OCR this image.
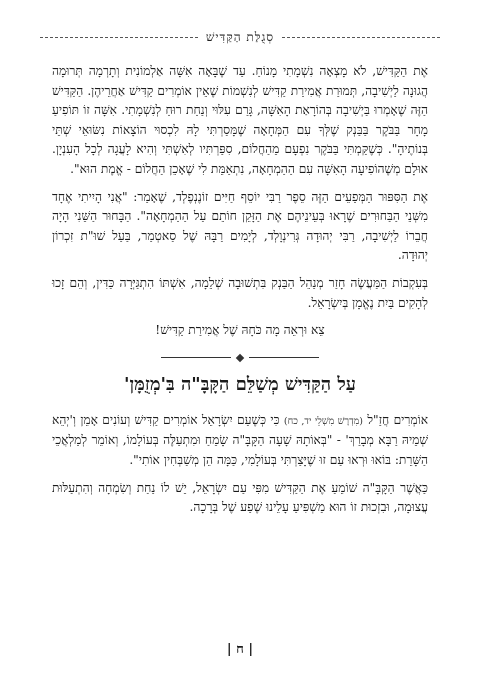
סְגֻלַּת הַקַּדִּישׁ

אֶת הַקַּדִּישׁ, לֹא מָצְאָה נִשְׁמָתִי מָנוֹחַ. עַד שֶׁבָּאָה אִשָּׁה אַלְמוֹנִית וְתָרְמָה תְּרוּמָה הֲגוּנָה לַיְשִׁיבָה, תְּמוּרַת אֲמִירַת קַדִּישׁ לְנִשְׁמוֹת שֶׁאֵין אוֹמְרִים קַדִּישׁ אַחֲרֵיהֶן. הַקַּדִּישׁ הַזֶּה שֶׁאָמְרוּ בַּיְשִׁיבָה בְּהוֹרָאַת הָאִשָּׁה, גָּרַם עִלּוּי וְנַחַת רוּחַ לְנִשְׁמָתִי. אִשָּׁה זוֹ תּוֹפִיעַ מָחָר בַּבֹּקֶר בַּבַּנְק שֶׁלְּךָ עִם הַמְּחָאָה שֶׁמָּסַרְתִּי לָהּ לִכְסוּי הוֹצָאוֹת נִשּׂוּאֵי שְׁתֵּי בְּנוֹתֶיהָ". כְּשֶׁקַּמְתִּי בַּבֹּקֶר נִפְעָם מֵהַחֲלוֹם, סִפַּרְתִּיו לְאִשְׁתִּי וְהִיא לָעֲגָה לְכָל הָעִנְיָן. אוּלָם מְשֶׁהוֹפִיעָה הָאִשָּׁה עִם הַהַמְחָאָה, נִתְאַמֵּת לִי שֶׁאָכֵן הַחֲלוֹם - אֱמֶת הוּא".

אֶת הַסִּפּוּר הַמְּפַעֵים הַזֶּה סֵפֶר רַבִּי יוֹסֵף חַיִּים זוֹנֶנְפֶלְד, שֶׁאָמַר: "אֲנִי הָיִיתִי אֶחָד מִשְּׁנֵי הַבַּחוּרִים שֶׁרָאוּ בְּעֵינֵיהֶם אֶת הַזָּקֵן חוֹתֵם עַל הַהַמְחָאָה". הַבָּחוּר הַשֵּׁנִי הָיָה חֲבֵרוֹ לַיְשִׁיבָה, רַבִּי יְהוּדָה גְּרִינְוָלְד, לְיָמִים רַבָּהּ שֶׁל סַאטְמַר, בַּעַל שׁוּ"ת זִכְרוֹן יְהוּדָה.

בְּעִקְבוֹת הַמַּעֲשֶׂה חָזַר מְנַהֵל הַבַּנְק בִּתְשׁוּבָה שְׁלֵמָה, אִשְׁתּוֹ הִתְגַּיְּרָה כַּדִּין, וְהֵם זָכוּ לְהָקִים בַּיִת נֶאֱמָן בְּיִשְׂרָאֵל.

צֵא וּרְאֵה מָה כֹּחָהּ שֶׁל אֲמִירַת קַדִּישׁ!

עַל הַקַּדִּישׁ מְשַׁלֵּם הַקָּבָּ"ה בִּ'מְזֻמָּן'

אוֹמְרִים חֲזַ"ל (מִדְרָשׁ מִשְׁלֵי יד, כח) כִּי כְּשֶׁעַם יִשְׂרָאֵל אוֹמְרִים קַדִּישׁ וְעוֹנִים אָמֵן וְ'יְהֵא שְׁמֵיהּ רַבָּא מְבָרַךְ' - "בְּאוֹתָהּ שָׁעָה הַקָּבָּ"ה שָׂמֵחַ וּמִתְעַלֶּה בְּעוֹלָמוֹ, וְאוֹמֵר לְמַלְאֲכֵי הַשָּׁרֵת: בּוֹאוּ וּרְאוּ עַם זוּ שֶׁיָּצַרְתִּי בְּעוֹלָמִי, כַּמָּה הֵן מְשַׁבְּחִין אוֹתִי".

כַּאֲשֶׁר הַקָּבָּ"ה שׁוֹמֵעַ אֶת הַקַּדִּישׁ מִפִּי עַם יִשְׂרָאֵל, יֵשׁ לוֹ נַחַת וְשִׂמְחָה וְהִתְעַלּוּת עֲצוּמָה, וּבִזְכוּת זוֹ הוּא מַשְׁפִּיעַ עָלֵינוּ שֶׁפַע שֶׁל בְּרָכָה.

| ח |
